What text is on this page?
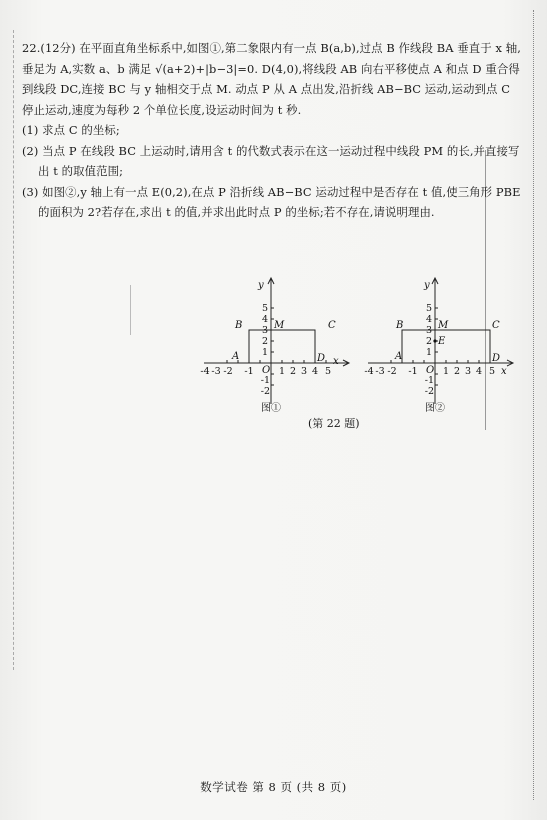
22.(12分) 在平面直角坐标系中,如图①,第二象限内有一点 B(a,b),过点 B 作线段 BA 垂直于 x 轴,垂足为 A,实数 a、b 满足 √(a+2)+|b−3|=0. D(4,0),将线段 AB 向右平移使点 A 和点 D 重合得到线段 DC,连接 BC 与 y 轴相交于点 M. 动点 P 从 A 点出发,沿折线 AB−BC 运动,运动到点 C 停止运动,速度为每秒 2 个单位长度,设运动时间为 t 秒.

(1) 求点 C 的坐标;

(2) 当点 P 在线段 BC 上运动时,请用含 t 的代数式表示在这一运动过程中线段 PM 的长,并直接写出 t 的取值范围;

(3) 如图②,y 轴上有一点 E(0,2),在点 P 沿折线 AB−BC 运动过程中是否存在 t 值,使三角形 PBE 的面积为 2?若存在,求出 t 的值,并求出此时点 P 的坐标;若不存在,请说明理由.

x
y
O
A
B	C
D
M
-4 -3 -2 -1	1 2 3 4 5
5
4
3
2
1
-1
-2
图①
x
y
O
A
B	C
D
M
E
-4 -3 -2 -1	1 2 3 4 5
5
4
3
2
1
-1
-2
图②
(第 22 题)
数学试卷 第 8 页 (共 8 页)
